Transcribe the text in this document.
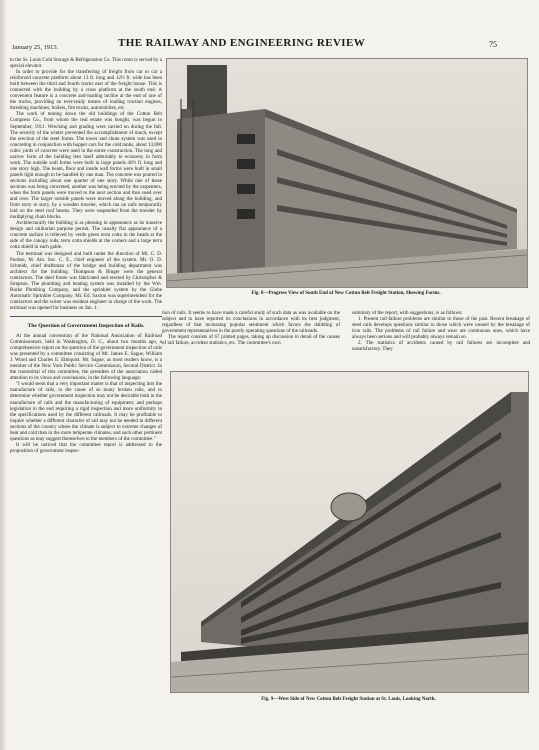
January 25, 1913.	THE RAILWAY AND ENGINEERING REVIEW	75

to the St. Louis Cold Storage & Refrigeration Co. This room is served by a special elevator.

In order to provide for the transferring of freight from car to car a reinforced concrete platform about 13 ft. long and 12½ ft. wide has been built between the third and fourth tracks east of the freight house. This is connected with the building by a cross platform at the south end. A convenient feature is a concrete and-loading incline at the end of one of the tracks, providing an ever-ready means of loading traction engines, threshing machines, boilers, fire trucks, automobiles, etc.

The work of tearing down the old buildings of the Cotton Belt Compress Co., from whom the real estate was bought, was begun in September, 1911. Wrecking and grading were carried on during the fall. The severity of the winter prevented the accomplishment of much, except the erection of the steel forms. The tower and chute system was used in concreting in conjunction with hopper cars for the cold tanks, about 13,000 cubic yards of concrete were used in the entire construction. The long and narrow form of the building lent itself admirably to economy in form work. The outside wall forms were built in large panels 40½ ft. long and one story high. The beam, floor and inside wall forms were built in small panels light enough to be handled by one man. The concrete was poured in sections including about one quarter of one story. While one of these sections was being concreted, another was being erected by the carpenters, when the form panels were moved to the next section and thus used over and over. The larger outside panels were moved along the building, and from story to story, by a wooden traveler, which ran on rails temporarily laid on the steel roof beams. They were suspended from the traveler by multiplying chain blocks.

Architecturally the building is as pleasing in appearance as its massive design and utilitarian purpose permit. The usually flat appearance of a concrete surface is relieved by verde green terra cotta in the beads at the side of the canopy rods, terra cotta shields at the corners and a large terra cotta shield in each gable.

The terminal was designed and built under the direction of Mr. C. D. Purdon, M. Am. Soc. C. E., chief engineer of the system. Mr. O. D. Schmidt, chief draftsman of the bridge and building department was architect for the building. Thompson & Binger were the general contractors. The steel frame was fabricated and erected by Christopher & Simpson. The plumbing and heating system was installed by the Wm. Burke Plumbing Company, and the sprinkler system by the Globe Automatic Sprinkler Company. Mr. Ed. Saxton was superintendent for the contractors and the writer was resident engineer in charge of the work. The terminal was opened for business on Jan. 1.

The Question of Government Inspection of Rails.

At the annual convention of the National Association of Railroad Commissioners, held in Washington, D. C., about two months ago, a comprehensive report on the question of the government inspection of rails was presented by a committee consisting of Mr. James E. Sague, William J. Wood and Charles E. Elmquist. Mr. Sague, as most readers know, is a member of the New York Public Service Commission, Second District. In the transmittal of this committee, the president of the association called attention to its views and conclusions, in the following language:

"I would seem that a very important matter is that of inspecting into the manufacture of rails, to the cause of so many broken rails, and to determine whether government inspection may not be desirable both in the manufacture of rails and the manufacturing of equipment; and perhaps legislation in the end requiring a rigid inspection and more uniformity in the specifications used by the different railroads. It may be profitable to inquire whether a different character of rail may not be needed in different sections of the country where the climate is subject to extreme changes of heat and cold than in the more temperate climates, and such other pertinent questions as may suggest themselves to the members of the committee."

It will be noticed that the committee report is addressed to the proposition of government inspec-

Fig. 8—Progress View of South End of New Cotton Belt Freight Station, Showing Forms.

tion of rails. It seems to have made a careful study of such data as was available on the subject and to have reported its conclusions in accordance with its best judgment, regardless of that increasing popular sentiment which favors the dabbling of government representatives in the purely operating questions of the railroads.

The report consists of 67 printed pages, taking up discussion in detail of the causes of rail failure, accident statistics, etc. The committee's own

summary of the report, with suggestions, is as follows:

1. Present rail-failure problems are similar to those of the past. Recent breakage of steel rails develops questions similar to those which were caused by the breakage of iron rails. The problems of rail failure and wear are continuous ones, which have always been serious and will probably always remain so.

2. The statistics of accidents caused by rail failures are incomplete and unsatisfactory. They

Fig. 9—West Side of New Cotton Belt Freight Station at St. Louis, Looking North.
